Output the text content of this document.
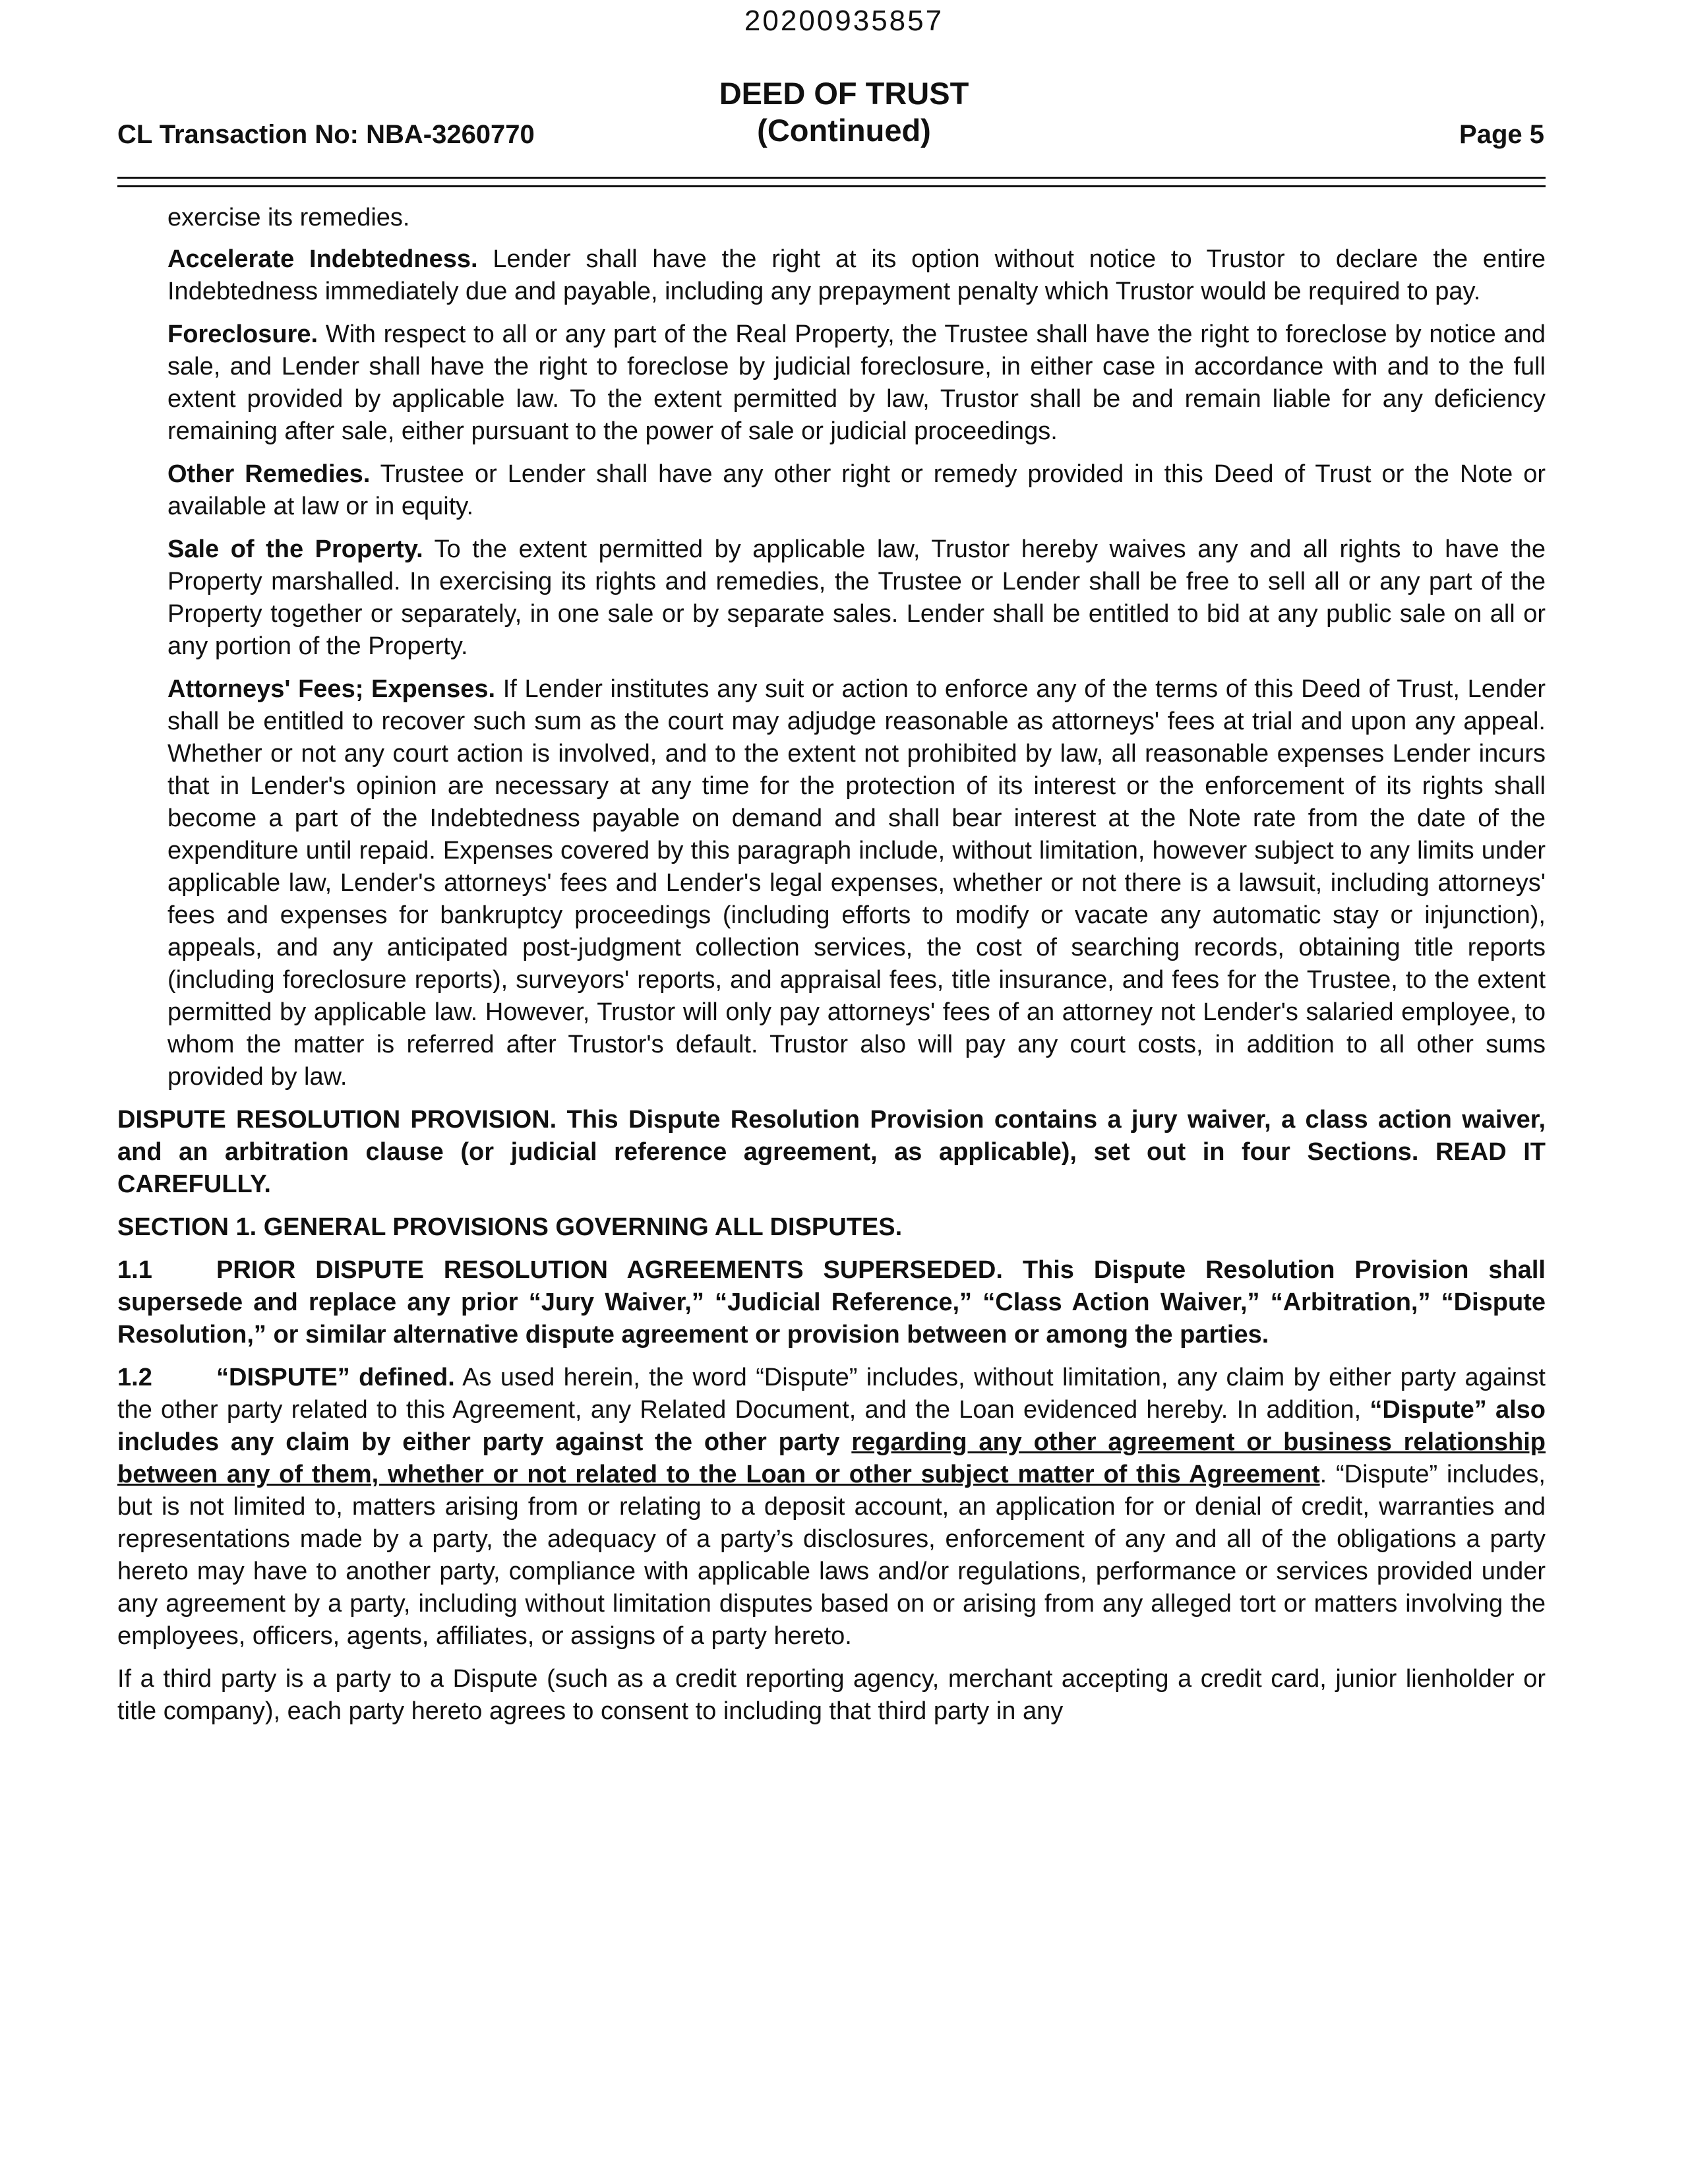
20200935857
DEED OF TRUST
(Continued)
CL Transaction No: NBA-3260770	Page 5

exercise its remedies.

Accelerate Indebtedness. Lender shall have the right at its option without notice to Trustor to declare the entire Indebtedness immediately due and payable, including any prepayment penalty which Trustor would be required to pay.

Foreclosure. With respect to all or any part of the Real Property, the Trustee shall have the right to foreclose by notice and sale, and Lender shall have the right to foreclose by judicial foreclosure, in either case in accordance with and to the full extent provided by applicable law. To the extent permitted by law, Trustor shall be and remain liable for any deficiency remaining after sale, either pursuant to the power of sale or judicial proceedings.

Other Remedies. Trustee or Lender shall have any other right or remedy provided in this Deed of Trust or the Note or available at law or in equity.

Sale of the Property. To the extent permitted by applicable law, Trustor hereby waives any and all rights to have the Property marshalled. In exercising its rights and remedies, the Trustee or Lender shall be free to sell all or any part of the Property together or separately, in one sale or by separate sales. Lender shall be entitled to bid at any public sale on all or any portion of the Property.

Attorneys' Fees; Expenses. If Lender institutes any suit or action to enforce any of the terms of this Deed of Trust, Lender shall be entitled to recover such sum as the court may adjudge reasonable as attorneys' fees at trial and upon any appeal. Whether or not any court action is involved, and to the extent not prohibited by law, all reasonable expenses Lender incurs that in Lender's opinion are necessary at any time for the protection of its interest or the enforcement of its rights shall become a part of the Indebtedness payable on demand and shall bear interest at the Note rate from the date of the expenditure until repaid. Expenses covered by this paragraph include, without limitation, however subject to any limits under applicable law, Lender's attorneys' fees and Lender's legal expenses, whether or not there is a lawsuit, including attorneys' fees and expenses for bankruptcy proceedings (including efforts to modify or vacate any automatic stay or injunction), appeals, and any anticipated post-judgment collection services, the cost of searching records, obtaining title reports (including foreclosure reports), surveyors' reports, and appraisal fees, title insurance, and fees for the Trustee, to the extent permitted by applicable law. However, Trustor will only pay attorneys' fees of an attorney not Lender's salaried employee, to whom the matter is referred after Trustor's default. Trustor also will pay any court costs, in addition to all other sums provided by law.

DISPUTE RESOLUTION PROVISION. This Dispute Resolution Provision contains a jury waiver, a class action waiver, and an arbitration clause (or judicial reference agreement, as applicable), set out in four Sections. READ IT CAREFULLY.

SECTION 1. GENERAL PROVISIONS GOVERNING ALL DISPUTES.

1.1	PRIOR DISPUTE RESOLUTION AGREEMENTS SUPERSEDED. This Dispute Resolution Provision shall supersede and replace any prior “Jury Waiver,” “Judicial Reference,” “Class Action Waiver,” “Arbitration,” “Dispute Resolution,” or similar alternative dispute agreement or provision between or among the parties.

1.2	“DISPUTE” defined. As used herein, the word “Dispute” includes, without limitation, any claim by either party against the other party related to this Agreement, any Related Document, and the Loan evidenced hereby. In addition, “Dispute” also includes any claim by either party against the other party regarding any other agreement or business relationship between any of them, whether or not related to the Loan or other subject matter of this Agreement. “Dispute” includes, but is not limited to, matters arising from or relating to a deposit account, an application for or denial of credit, warranties and representations made by a party, the adequacy of a party’s disclosures, enforcement of any and all of the obligations a party hereto may have to another party, compliance with applicable laws and/or regulations, performance or services provided under any agreement by a party, including without limitation disputes based on or arising from any alleged tort or matters involving the employees, officers, agents, affiliates, or assigns of a party hereto.

If a third party is a party to a Dispute (such as a credit reporting agency, merchant accepting a credit card, junior lienholder or title company), each party hereto agrees to consent to including that third party in any
